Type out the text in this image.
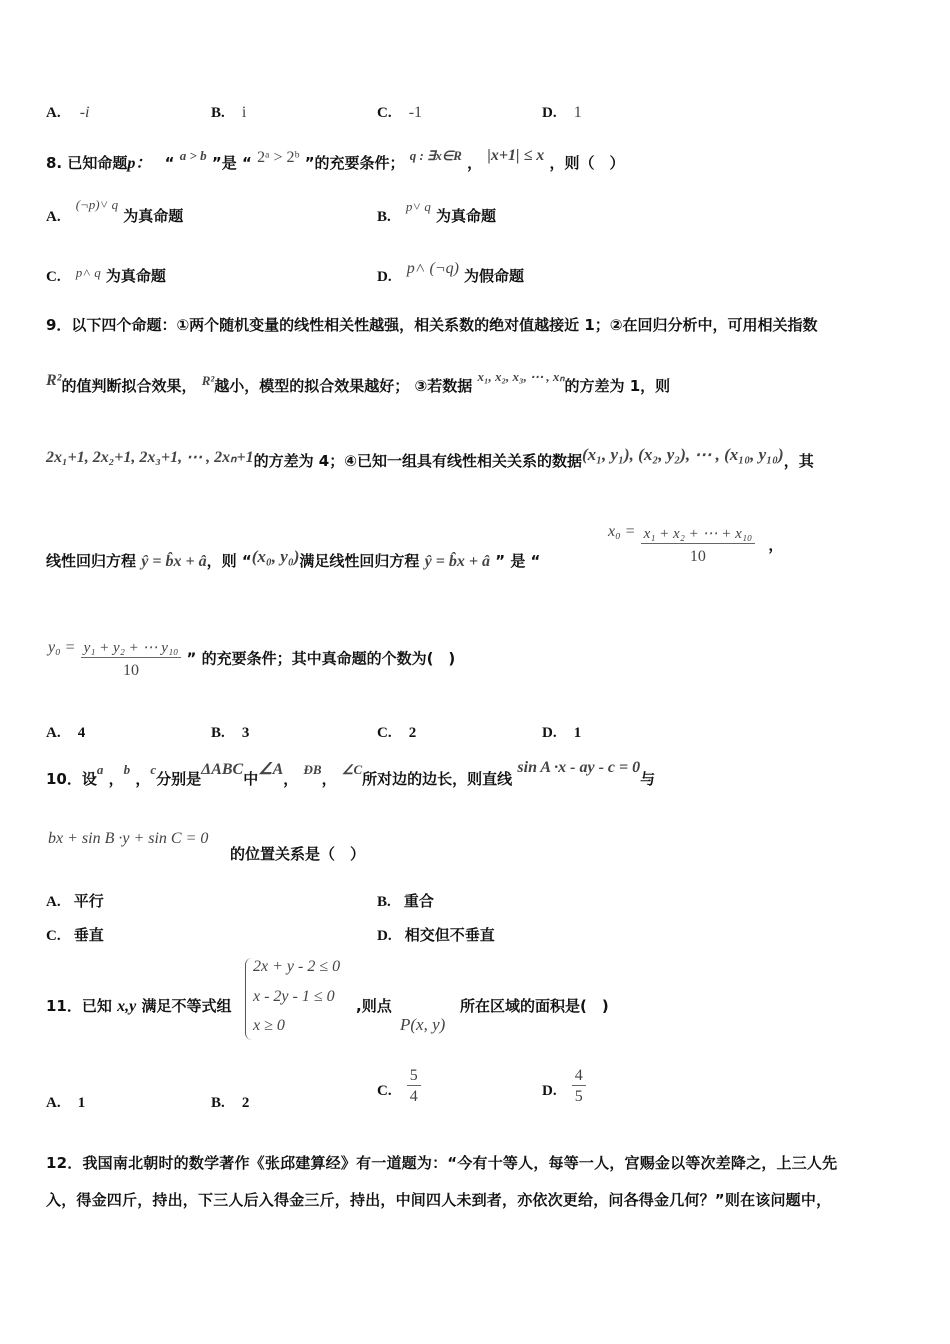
A. -i	B. i	C. -1	D. 1
8. 已知命题p： “ a > b ”是 “ 2ᵃ > 2ᵇ ”的充要条件； q : ∃x∈R ， |x+1| ≤ x ，则（　）
A. $^{(\neg p)˅ q}$ 为真命题	B. $^{p˅ q}$ 为真命题
C. $^{p˄ q}$ 为真命题	D. p˄ (¬q) 为假命题
9．以下四个命题：①两个随机变量的线性相关性越强，相关系数的绝对值越接近 1；②在回归分析中，可用相关指数
R²的值判断拟合效果， R²越小，模型的拟合效果越好； ③若数据 x₁, x₂, x₃, ⋯ , xₙ的方差为 1，则
2x₁+1, 2x₂+1, 2x₃+1, ⋯ , 2xₙ+1的方差为 4；④已知一组具有线性相关关系的数据(x₁, y₁), (x₂, y₂), ⋯ , (x₁₀, y₁₀)，其
线性回归方程 ŷ = b̂x + â，则 “(x₀, y₀)满足线性回归方程 ŷ = b̂x + â ” 是 “
$x_0 = \frac{\text{x₁ + x₂ + ⋯ + x₁₀}}{10}$ ，
$y_0 = \frac{\text{y₁ + y₂ + ⋯ y₁₀}}{10}$ ” 的充要条件；其中真命题的个数为(　)
A. 4	B. 3	C. 2	D. 1
10．设a ，b ，c分别是ΔABC中∠A， ÐB， ∠C所对边的边长，则直线 sin A ·x - ay - c = 0与
bx + sin B ·y + sin C = 0
的位置关系是（　）
A. 平行	B. 重合
C. 垂直	D. 相交但不垂直
11．已知 x,y 满足不等式组
2x + y - 2 ≤ 0
x - 2y - 1 ≤ 0
x ≥ 0
,则点
P(x, y)
所在区域的面积是(　)
A. 1	B. 2
C. $\frac{5}{4}$	D. $\frac{4}{5}$
12．我国南北朝时的数学著作《张邱建算经》有一道题为：“今有十等人，每等一人，宫赐金以等次差降之，上三人先
入，得金四斤，持出，下三人后入得金三斤，持出，中间四人未到者，亦依次更给，问各得金几何？”则在该问题中，
